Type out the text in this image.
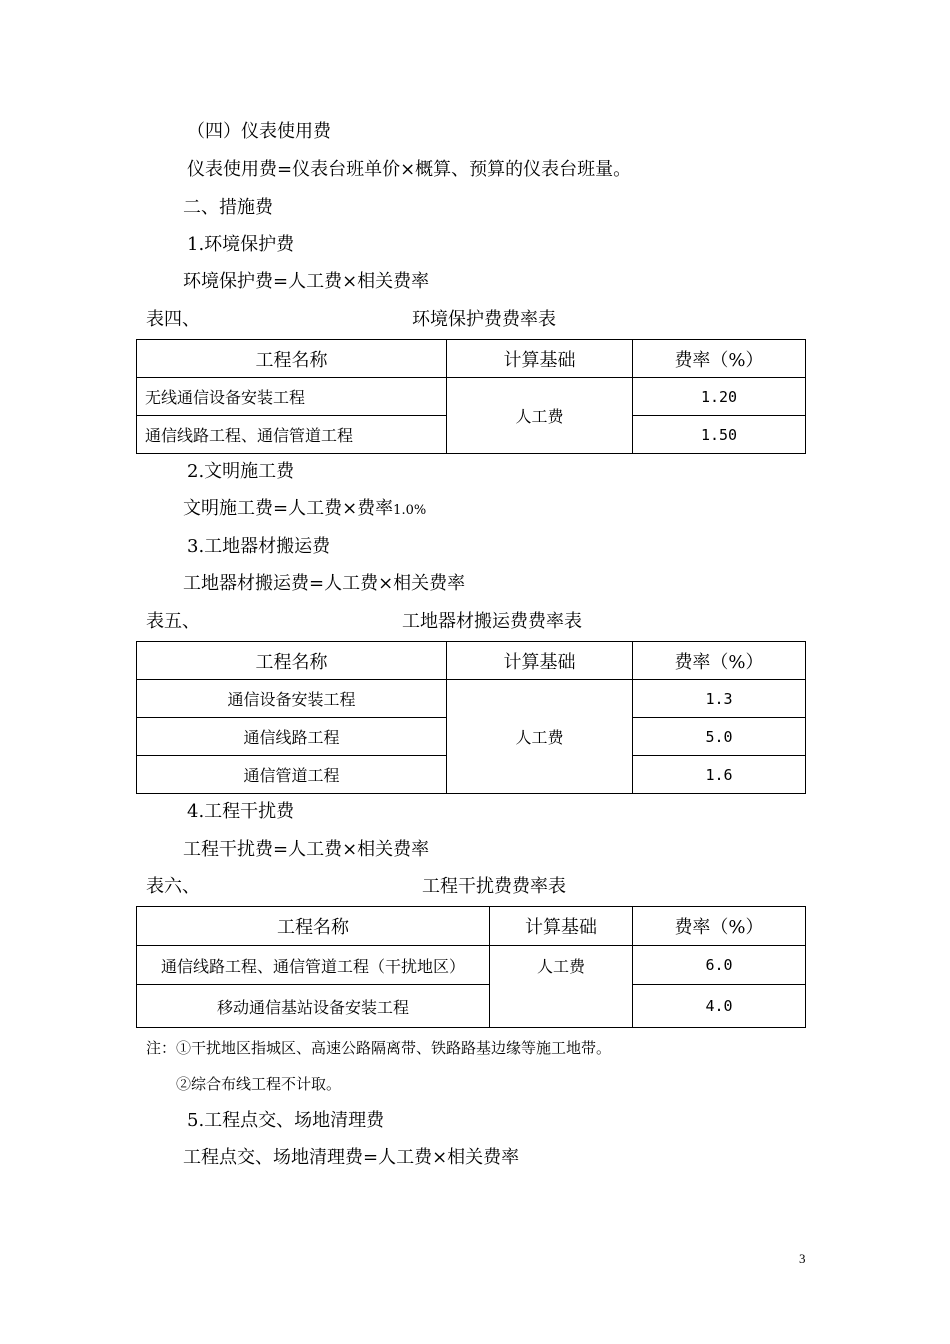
（四）仪表使用费
仪表使用费=仪表台班单价×概算、预算的仪表台班量。
二、措施费
1.环境保护费
环境保护费=人工费×相关费率
表四、	环境保护费费率表
工程名称	计算基础	费率（%）
无线通信设备安装工程	人工费	1.20
通信线路工程、通信管道工程		1.50
2.文明施工费
文明施工费=人工费×费率1.0%
3.工地器材搬运费
工地器材搬运费=人工费×相关费率
表五、	工地器材搬运费费率表
工程名称	计算基础	费率（%）
通信设备安装工程	人工费	1.3
通信线路工程		5.0
通信管道工程		1.6
4.工程干扰费
工程干扰费=人工费×相关费率
表六、	工程干扰费费率表
工程名称	计算基础	费率（%）
通信线路工程、通信管道工程（干扰地区）	人工费	6.0
移动通信基站设备安装工程		4.0
注：①干扰地区指城区、高速公路隔离带、铁路路基边缘等施工地带。
②综合布线工程不计取。
5.工程点交、场地清理费
工程点交、场地清理费=人工费×相关费率
3
